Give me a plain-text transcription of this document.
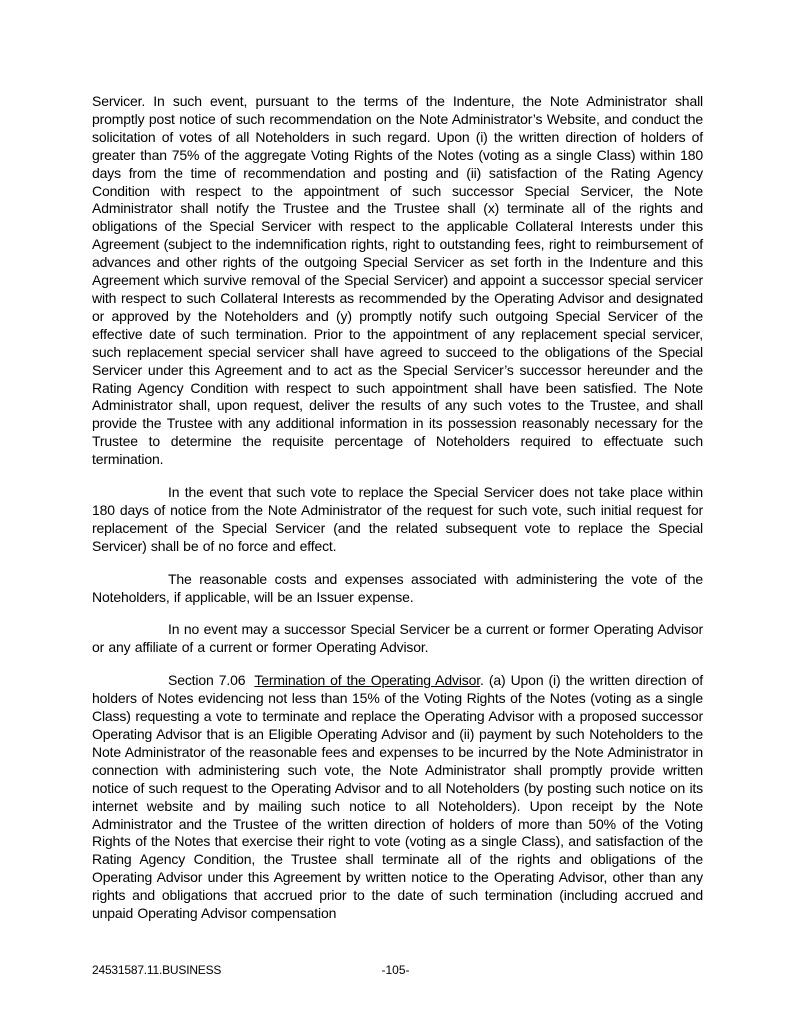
Servicer. In such event, pursuant to the terms of the Indenture, the Note Administrator shall promptly post notice of such recommendation on the Note Administrator’s Website, and conduct the solicitation of votes of all Noteholders in such regard. Upon (i) the written direction of holders of greater than 75% of the aggregate Voting Rights of the Notes (voting as a single Class) within 180 days from the time of recommendation and posting and (ii) satisfaction of the Rating Agency Condition with respect to the appointment of such successor Special Servicer, the Note Administrator shall notify the Trustee and the Trustee shall (x) terminate all of the rights and obligations of the Special Servicer with respect to the applicable Collateral Interests under this Agreement (subject to the indemnification rights, right to outstanding fees, right to reimbursement of advances and other rights of the outgoing Special Servicer as set forth in the Indenture and this Agreement which survive removal of the Special Servicer) and appoint a successor special servicer with respect to such Collateral Interests as recommended by the Operating Advisor and designated or approved by the Noteholders and (y) promptly notify such outgoing Special Servicer of the effective date of such termination. Prior to the appointment of any replacement special servicer, such replacement special servicer shall have agreed to succeed to the obligations of the Special Servicer under this Agreement and to act as the Special Servicer’s successor hereunder and the Rating Agency Condition with respect to such appointment shall have been satisfied. The Note Administrator shall, upon request, deliver the results of any such votes to the Trustee, and shall provide the Trustee with any additional information in its possession reasonably necessary for the Trustee to determine the requisite percentage of Noteholders required to effectuate such termination.

In the event that such vote to replace the Special Servicer does not take place within 180 days of notice from the Note Administrator of the request for such vote, such initial request for replacement of the Special Servicer (and the related subsequent vote to replace the Special Servicer) shall be of no force and effect.

The reasonable costs and expenses associated with administering the vote of the Noteholders, if applicable, will be an Issuer expense.

In no event may a successor Special Servicer be a current or former Operating Advisor or any affiliate of a current or former Operating Advisor.

Section 7.06 Termination of the Operating Advisor. (a) Upon (i) the written direction of holders of Notes evidencing not less than 15% of the Voting Rights of the Notes (voting as a single Class) requesting a vote to terminate and replace the Operating Advisor with a proposed successor Operating Advisor that is an Eligible Operating Advisor and (ii) payment by such Noteholders to the Note Administrator of the reasonable fees and expenses to be incurred by the Note Administrator in connection with administering such vote, the Note Administrator shall promptly provide written notice of such request to the Operating Advisor and to all Noteholders (by posting such notice on its internet website and by mailing such notice to all Noteholders). Upon receipt by the Note Administrator and the Trustee of the written direction of holders of more than 50% of the Voting Rights of the Notes that exercise their right to vote (voting as a single Class), and satisfaction of the Rating Agency Condition, the Trustee shall terminate all of the rights and obligations of the Operating Advisor under this Agreement by written notice to the Operating Advisor, other than any rights and obligations that accrued prior to the date of such termination (including accrued and unpaid Operating Advisor compensation

24531587.11.BUSINESS	-105-
